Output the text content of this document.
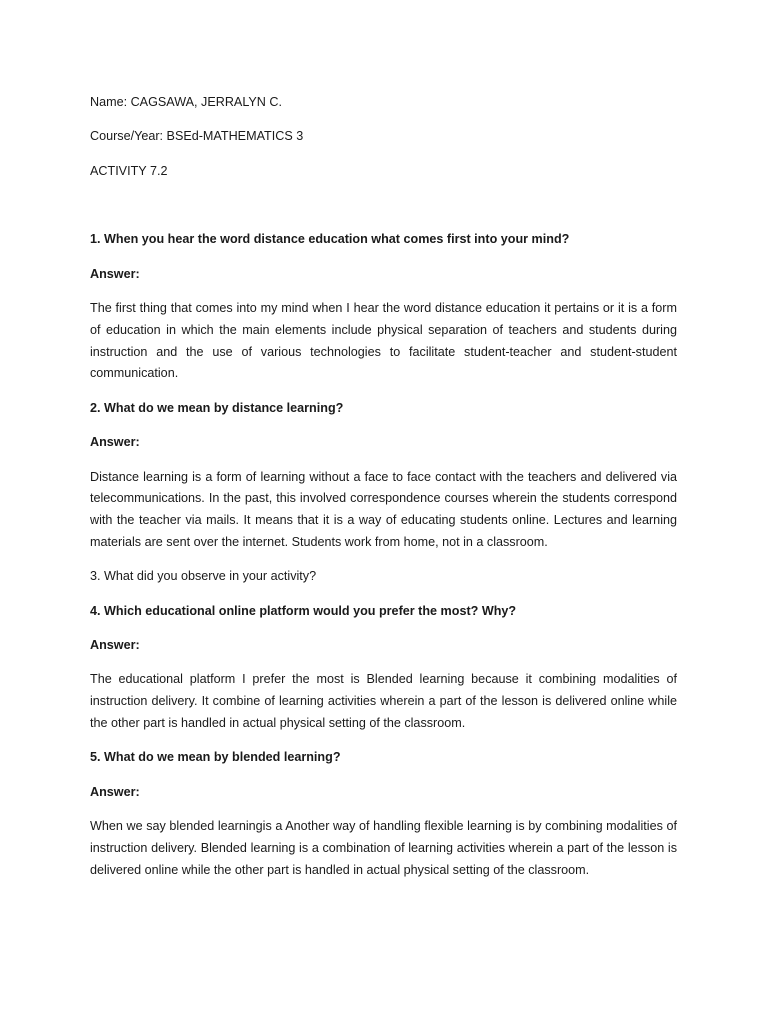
Name: CAGSAWA, JERRALYN C.

Course/Year: BSEd-MATHEMATICS 3

ACTIVITY 7.2

1. When you hear the word distance education what comes first into your mind?

Answer:

The first thing that comes into my mind when I hear the word distance education it pertains or it is a form of education in which the main elements include physical separation of teachers and students during instruction and the use of various technologies to facilitate student-teacher and student-student communication.

2. What do we mean by distance learning?

Answer:

Distance learning is a form of learning without a face to face contact with the teachers and delivered via telecommunications. In the past, this involved correspondence courses wherein the students correspond with the teacher via mails. It means that it is a way of educating students online. Lectures and learning materials are sent over the internet. Students work from home, not in a classroom.

3. What did you observe in your activity?

4. Which educational online platform would you prefer the most? Why?

Answer:

The educational platform I prefer the most is Blended learning because it combining modalities of instruction delivery. It combine of learning activities wherein a part of the lesson is delivered online while the other part is handled in actual physical setting of the classroom.

5. What do we mean by blended learning?

Answer:

When we say blended learningis a Another way of handling flexible learning is by combining modalities of instruction delivery. Blended learning is a combination of learning activities wherein a part of the lesson is delivered online while the other part is handled in actual physical setting of the classroom.
